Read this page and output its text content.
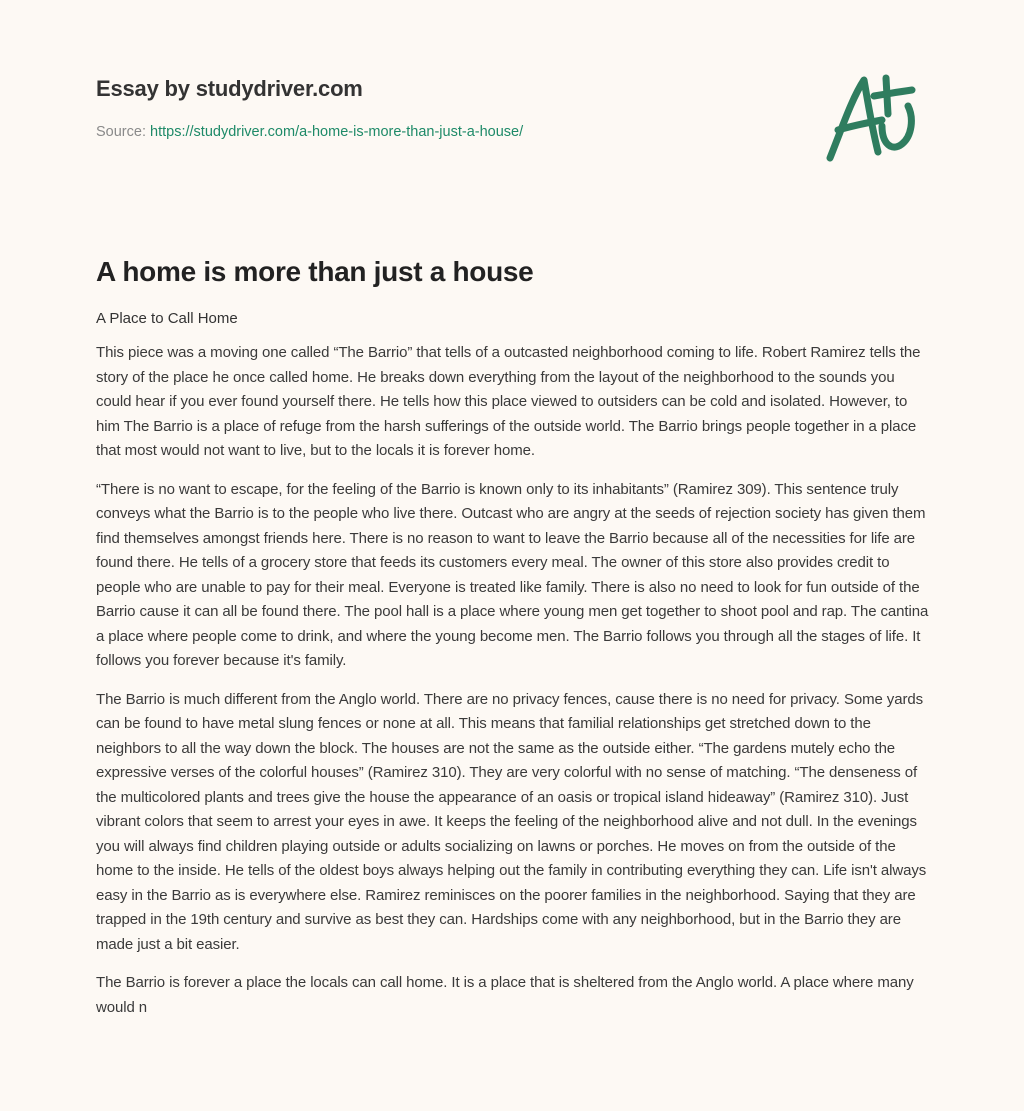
Essay by studydriver.com
Source: https://studydriver.com/a-home-is-more-than-just-a-house/
A home is more than just a house
A Place to Call Home

This piece was a moving one called “The Barrio” that tells of a outcasted neighborhood coming to life. Robert Ramirez tells the story of the place he once called home. He breaks down everything from the layout of the neighborhood to the sounds you could hear if you ever found yourself there. He tells how this place viewed to outsiders can be cold and isolated. However, to him The Barrio is a place of refuge from the harsh sufferings of the outside world. The Barrio brings people together in a place that most would not want to live, but to the locals it is forever home.

“There is no want to escape, for the feeling of the Barrio is known only to its inhabitants” (Ramirez 309). This sentence truly conveys what the Barrio is to the people who live there. Outcast who are angry at the seeds of rejection society has given them find themselves amongst friends here. There is no reason to want to leave the Barrio because all of the necessities for life are found there. He tells of a grocery store that feeds its customers every meal. The owner of this store also provides credit to people who are unable to pay for their meal. Everyone is treated like family. There is also no need to look for fun outside of the Barrio cause it can all be found there. The pool hall is a place where young men get together to shoot pool and rap. The cantina a place where people come to drink, and where the young become men. The Barrio follows you through all the stages of life. It follows you forever because it's family.

The Barrio is much different from the Anglo world. There are no privacy fences, cause there is no need for privacy. Some yards can be found to have metal slung fences or none at all. This means that familial relationships get stretched down to the neighbors to all the way down the block. The houses are not the same as the outside either. “The gardens mutely echo the expressive verses of the colorful houses” (Ramirez 310). They are very colorful with no sense of matching. “The denseness of the multicolored plants and trees give the house the appearance of an oasis or tropical island hideaway” (Ramirez 310). Just vibrant colors that seem to arrest your eyes in awe. It keeps the feeling of the neighborhood alive and not dull. In the evenings you will always find children playing outside or adults socializing on lawns or porches. He moves on from the outside of the home to the inside. He tells of the oldest boys always helping out the family in contributing everything they can. Life isn't always easy in the Barrio as is everywhere else. Ramirez reminisces on the poorer families in the neighborhood. Saying that they are trapped in the 19th century and survive as best they can. Hardships come with any neighborhood, but in the Barrio they are made just a bit easier.

The Barrio is forever a place the locals can call home. It is a place that is sheltered from the Anglo world. A place where many would n
